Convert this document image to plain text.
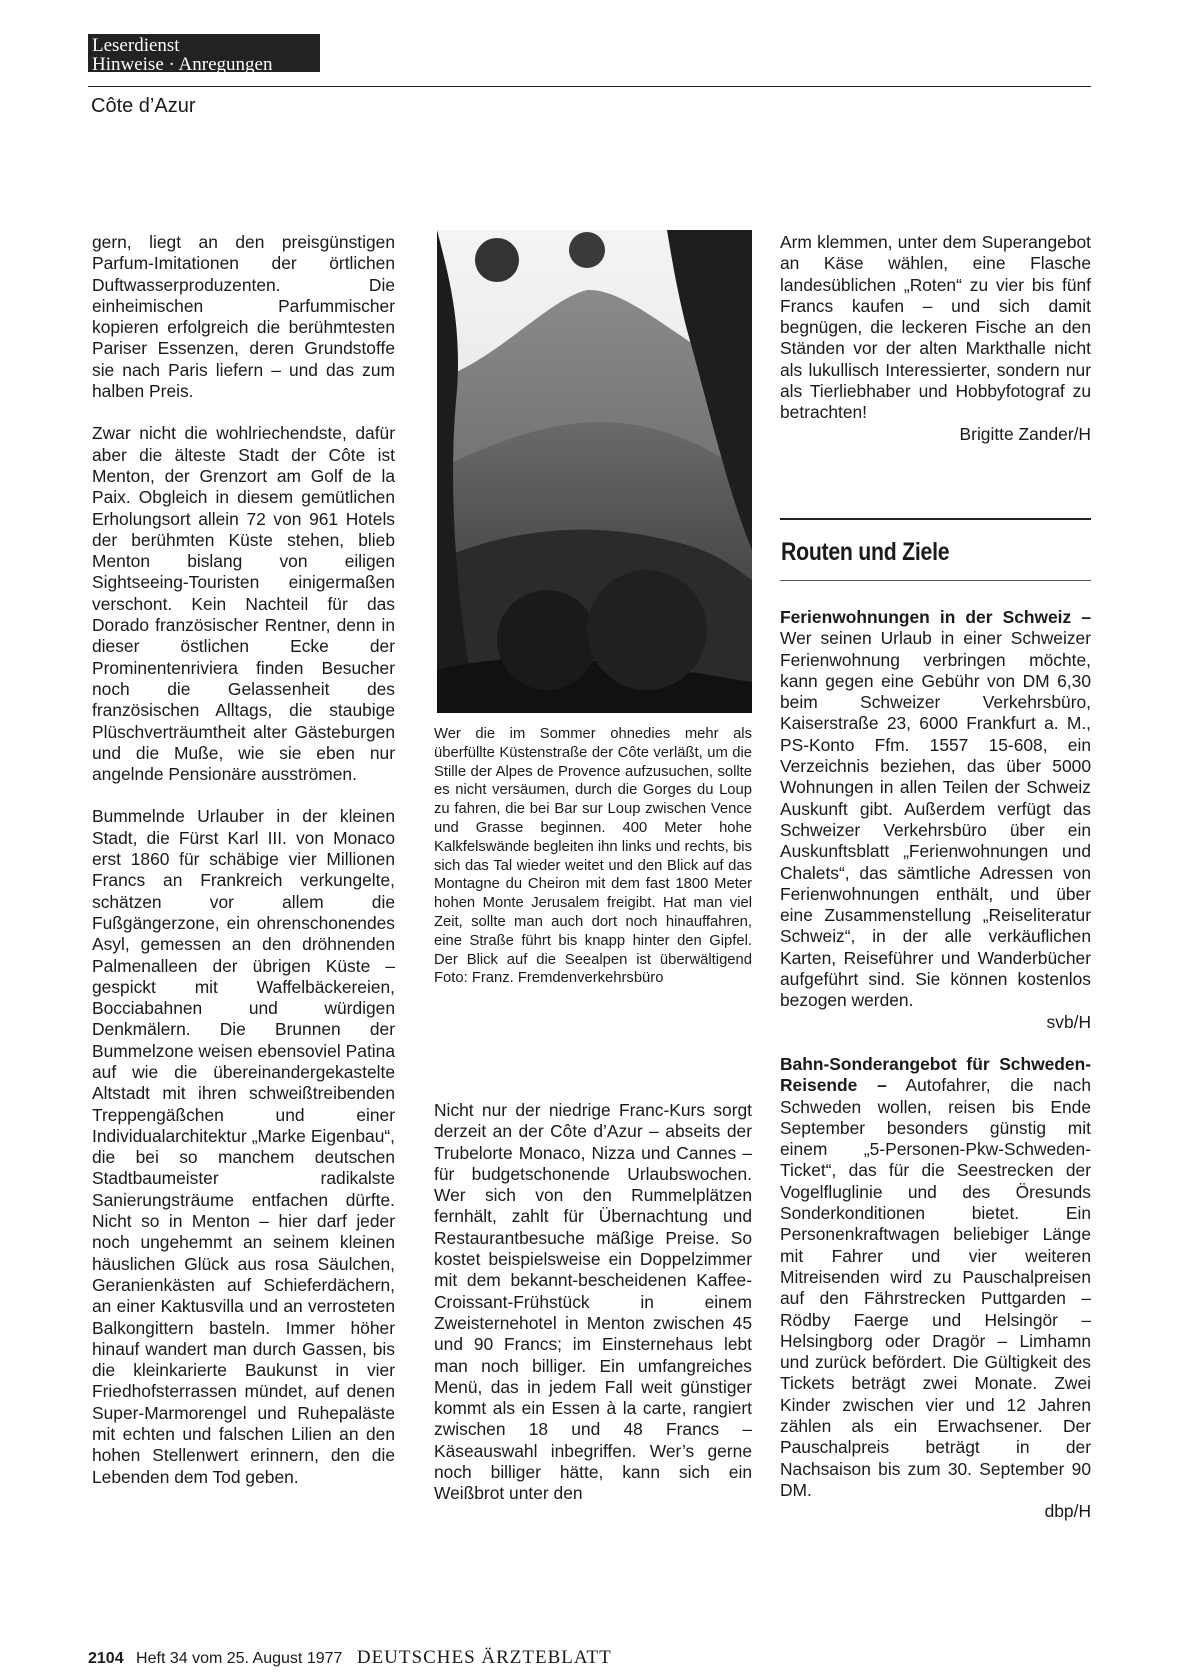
Leserdienst
Hinweise · Anregungen
Côte d’Azur

gern, liegt an den preisgünstigen Parfum-Imitationen der örtlichen Duftwasserproduzenten. Die einheimischen Parfummischer kopieren erfolgreich die berühmtesten Pariser Essenzen, deren Grundstoffe sie nach Paris liefern – und das zum halben Preis.

Zwar nicht die wohlriechendste, dafür aber die älteste Stadt der Côte ist Menton, der Grenzort am Golf de la Paix. Obgleich in diesem gemütlichen Erholungsort allein 72 von 961 Hotels der berühmten Küste stehen, blieb Menton bislang von eiligen Sightseeing-Touristen einigermaßen verschont. Kein Nachteil für das Dorado französischer Rentner, denn in dieser östlichen Ecke der Prominentenriviera finden Besucher noch die Gelassenheit des französischen Alltags, die staubige Plüschverträumtheit alter Gästeburgen und die Muße, wie sie eben nur angelnde Pensionäre ausströmen.

Bummelnde Urlauber in der kleinen Stadt, die Fürst Karl III. von Monaco erst 1860 für schäbige vier Millionen Francs an Frankreich verkungelte, schätzen vor allem die Fußgängerzone, ein ohrenschonendes Asyl, gemessen an den dröhnenden Palmenalleen der übrigen Küste – gespickt mit Waffelbäckereien, Bocciabahnen und würdigen Denkmälern. Die Brunnen der Bummelzone weisen ebensoviel Patina auf wie die übereinandergekastelte Altstadt mit ihren schweißtreibenden Treppengäßchen und einer Individualarchitektur „Marke Eigenbau“, die bei so manchem deutschen Stadtbaumeister radikalste Sanierungsträume entfachen dürfte. Nicht so in Menton – hier darf jeder noch ungehemmt an seinem kleinen häuslichen Glück aus rosa Säulchen, Geranienkästen auf Schieferdächern, an einer Kaktusvilla und an verrosteten Balkongittern basteln. Immer höher hinauf wandert man durch Gassen, bis die kleinkarierte Baukunst in vier Friedhofsterrassen mündet, auf denen Super-Marmorengel und Ruhepaläste mit echten und falschen Lilien an den hohen Stellenwert erinnern, den die Lebenden dem Tod geben.

Wer die im Sommer ohnedies mehr als überfüllte Küstenstraße der Côte verläßt, um die Stille der Alpes de Provence aufzusuchen, sollte es nicht versäumen, durch die Gorges du Loup zu fahren, die bei Bar sur Loup zwischen Vence und Grasse beginnen. 400 Meter hohe Kalkfelswände begleiten ihn links und rechts, bis sich das Tal wieder weitet und den Blick auf das Montagne du Cheiron mit dem fast 1800 Meter hohen Monte Jerusalem freigibt. Hat man viel Zeit, sollte man auch dort noch hinauffahren, eine Straße führt bis knapp hinter den Gipfel. Der Blick auf die Seealpen ist überwältigend Foto: Franz. Fremdenverkehrsbüro

Nicht nur der niedrige Franc-Kurs sorgt derzeit an der Côte d’Azur – abseits der Trubelorte Monaco, Nizza und Cannes – für budgetschonende Urlaubswochen. Wer sich von den Rummelplätzen fernhält, zahlt für Übernachtung und Restaurantbesuche mäßige Preise. So kostet beispielsweise ein Doppelzimmer mit dem bekannt-bescheidenen Kaffee-Croissant-Frühstück in einem Zweisternehotel in Menton zwischen 45 und 90 Francs; im Einsternehaus lebt man noch billiger. Ein umfangreiches Menü, das in jedem Fall weit günstiger kommt als ein Essen à la carte, rangiert zwischen 18 und 48 Francs – Käseauswahl inbegriffen. Wer’s gerne noch billiger hätte, kann sich ein Weißbrot unter den

Arm klemmen, unter dem Superangebot an Käse wählen, eine Flasche landesüblichen „Roten“ zu vier bis fünf Francs kaufen – und sich damit begnügen, die leckeren Fische an den Ständen vor der alten Markthalle nicht als lukullisch Interessierter, sondern nur als Tierliebhaber und Hobbyfotograf zu betrachten!

Brigitte Zander/H
Routen und Ziele

Ferienwohnungen in der Schweiz – Wer seinen Urlaub in einer Schweizer Ferienwohnung verbringen möchte, kann gegen eine Gebühr von DM 6,30 beim Schweizer Verkehrsbüro, Kaiserstraße 23, 6000 Frankfurt a. M., PS-Konto Ffm. 1557 15-608, ein Verzeichnis beziehen, das über 5000 Wohnungen in allen Teilen der Schweiz Auskunft gibt. Außerdem verfügt das Schweizer Verkehrsbüro über ein Auskunftsblatt „Ferienwohnungen und Chalets“, das sämtliche Adressen von Ferienwohnungen enthält, und über eine Zusammenstellung „Reiseliteratur Schweiz“, in der alle verkäuflichen Karten, Reiseführer und Wanderbücher aufgeführt sind. Sie können kostenlos bezogen werden.

svb/H

Bahn-Sonderangebot für Schweden-Reisende – Autofahrer, die nach Schweden wollen, reisen bis Ende September besonders günstig mit einem „5-Personen-Pkw-Schweden-Ticket“, das für die Seestrecken der Vogelfluglinie und des Öresunds Sonderkonditionen bietet. Ein Personenkraftwagen beliebiger Länge mit Fahrer und vier weiteren Mitreisenden wird zu Pauschalpreisen auf den Fährstrecken Puttgarden – Rödby Faerge und Helsingör – Helsingborg oder Dragör – Limhamn und zurück befördert. Die Gültigkeit des Tickets beträgt zwei Monate. Zwei Kinder zwischen vier und 12 Jahren zählen als ein Erwachsener. Der Pauschalpreis beträgt in der Nachsaison bis zum 30. September 90 DM.

dbp/H
2104 Heft 34 vom 25. August 1977 DEUTSCHES ÄRZTEBLATT
